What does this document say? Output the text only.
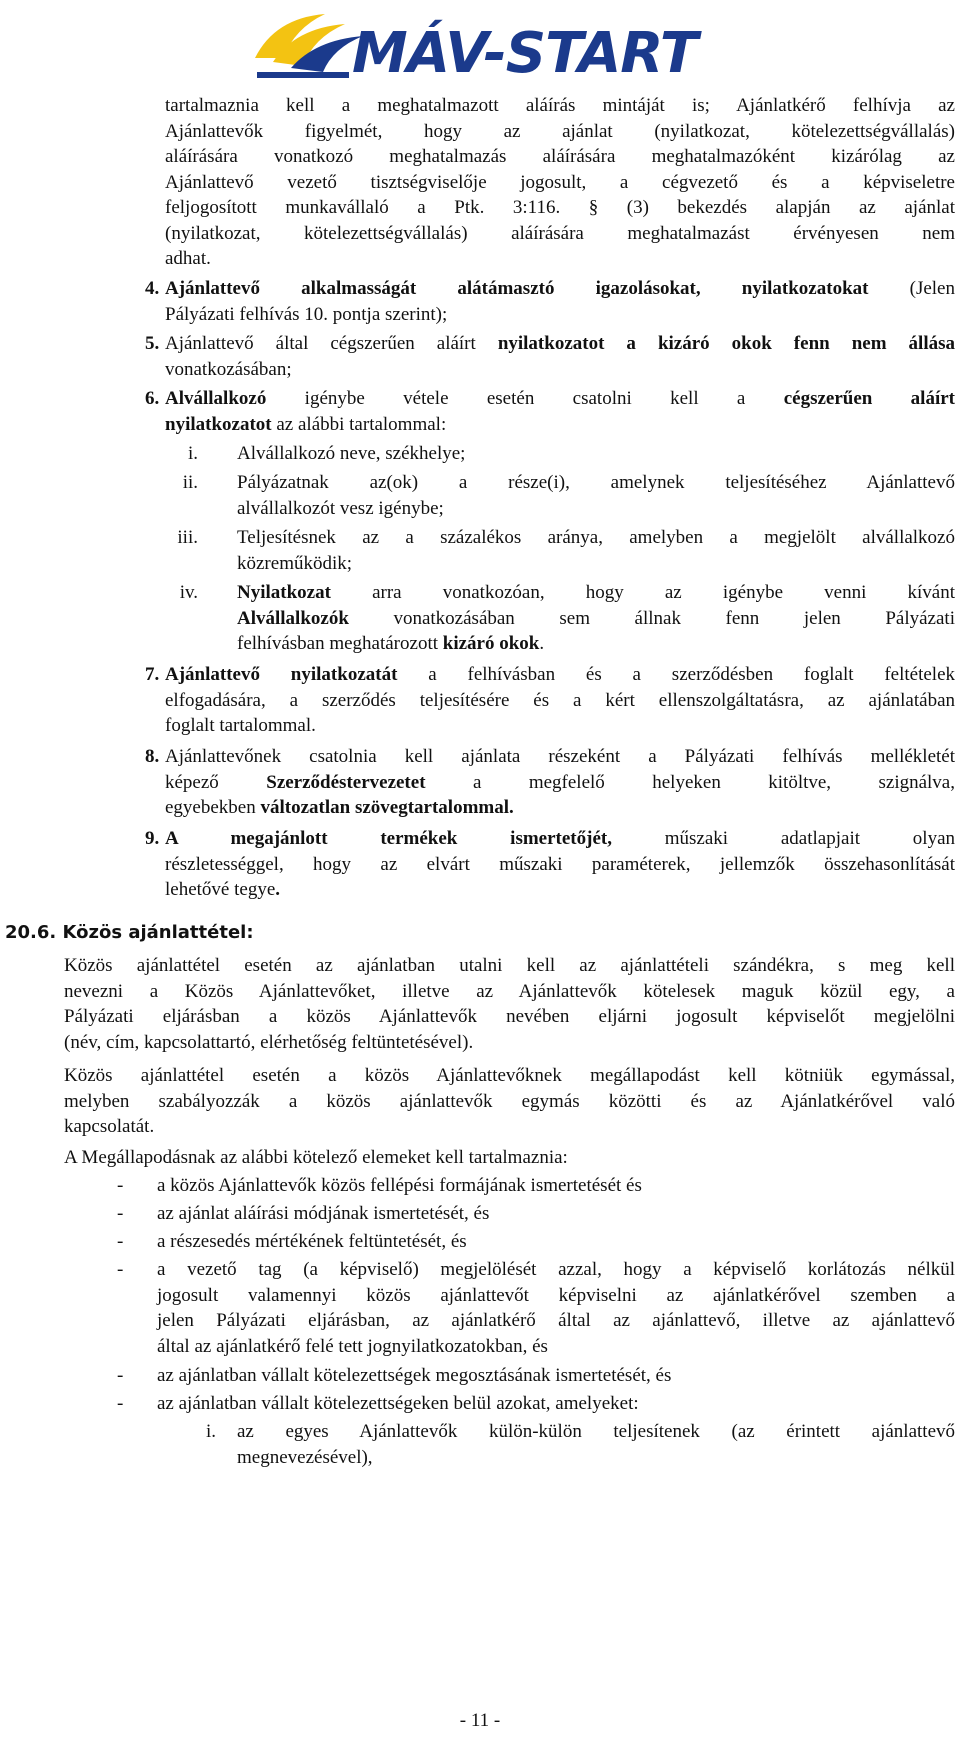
MÁV-START
tartalmaznia kell a meghatalmazott aláírás mintáját is; Ajánlatkérő felhívja az
Ajánlattevők figyelmét, hogy az ajánlat (nyilatkozat, kötelezettségvállalás)
aláírására vonatkozó meghatalmazás aláírására meghatalmazóként kizárólag az
Ajánlattevő vezető tisztségviselője jogosult, a cégvezető és a képviseletre
feljogosított munkavállaló a Ptk. 3:116. § (3) bekezdés alapján az ajánlat
(nyilatkozat, kötelezettségvállalás) aláírására meghatalmazást érvényesen nem
adhat.
4. Ajánlattevő alkalmasságát alátámasztó igazolásokat, nyilatkozatokat (Jelen
Pályázati felhívás 10. pontja szerint);
5. Ajánlattevő által cégszerűen aláírt nyilatkozatot a kizáró okok fenn nem állása
vonatkozásában;
6. Alvállalkozó igénybe vétele esetén csatolni kell a cégszerűen aláírt
nyilatkozatot az alábbi tartalommal:
i. Alvállalkozó neve, székhelye;
ii. Pályázatnak az(ok) a része(i), amelynek teljesítéséhez Ajánlattevő
alvállalkozót vesz igénybe;
iii. Teljesítésnek az a százalékos aránya, amelyben a megjelölt alvállalkozó
közreműködik;
iv. Nyilatkozat arra vonatkozóan, hogy az igénybe venni kívánt
Alvállalkozók vonatkozásában sem állnak fenn jelen Pályázati
felhívásban meghatározott kizáró okok.
7. Ajánlattevő nyilatkozatát a felhívásban és a szerződésben foglalt feltételek
elfogadására, a szerződés teljesítésére és a kért ellenszolgáltatásra, az ajánlatában
foglalt tartalommal.
8. Ajánlattevőnek csatolnia kell ajánlata részeként a Pályázati felhívás mellékletét
képező Szerződéstervezetet a megfelelő helyeken kitöltve, szignálva,
egyebekben változatlan szövegtartalommal.
9. A megajánlott termékek ismertetőjét, műszaki adatlapjait olyan
részletességgel, hogy az elvárt műszaki paraméterek, jellemzők összehasonlítását
lehetővé tegye.
20.6. Közös ajánlattétel:
Közös ajánlattétel esetén az ajánlatban utalni kell az ajánlattételi szándékra, s meg kell
nevezni a Közös Ajánlattevőket, illetve az Ajánlattevők kötelesek maguk közül egy, a
Pályázati eljárásban a közös Ajánlattevők nevében eljárni jogosult képviselőt megjelölni
(név, cím, kapcsolattartó, elérhetőség feltüntetésével).
Közös ajánlattétel esetén a közös Ajánlattevőknek megállapodást kell kötniük egymással,
melyben szabályozzák a közös ajánlattevők egymás közötti és az Ajánlatkérővel való
kapcsolatát.
A Megállapodásnak az alábbi kötelező elemeket kell tartalmaznia:
- a közös Ajánlattevők közös fellépési formájának ismertetését és
- az ajánlat aláírási módjának ismertetését, és
- a részesedés mértékének feltüntetését, és
- a vezető tag (a képviselő) megjelölését azzal, hogy a képviselő korlátozás nélkül
jogosult valamennyi közös ajánlattevőt képviselni az ajánlatkérővel szemben a
jelen Pályázati eljárásban, az ajánlatkérő által az ajánlattevő, illetve az ajánlattevő
által az ajánlatkérő felé tett jognyilatkozatokban, és
- az ajánlatban vállalt kötelezettségek megosztásának ismertetését, és
- az ajánlatban vállalt kötelezettségeken belül azokat, amelyeket:
i. az egyes Ajánlattevők külön-külön teljesítenek (az érintett ajánlattevő
megnevezésével),
- 11 -
